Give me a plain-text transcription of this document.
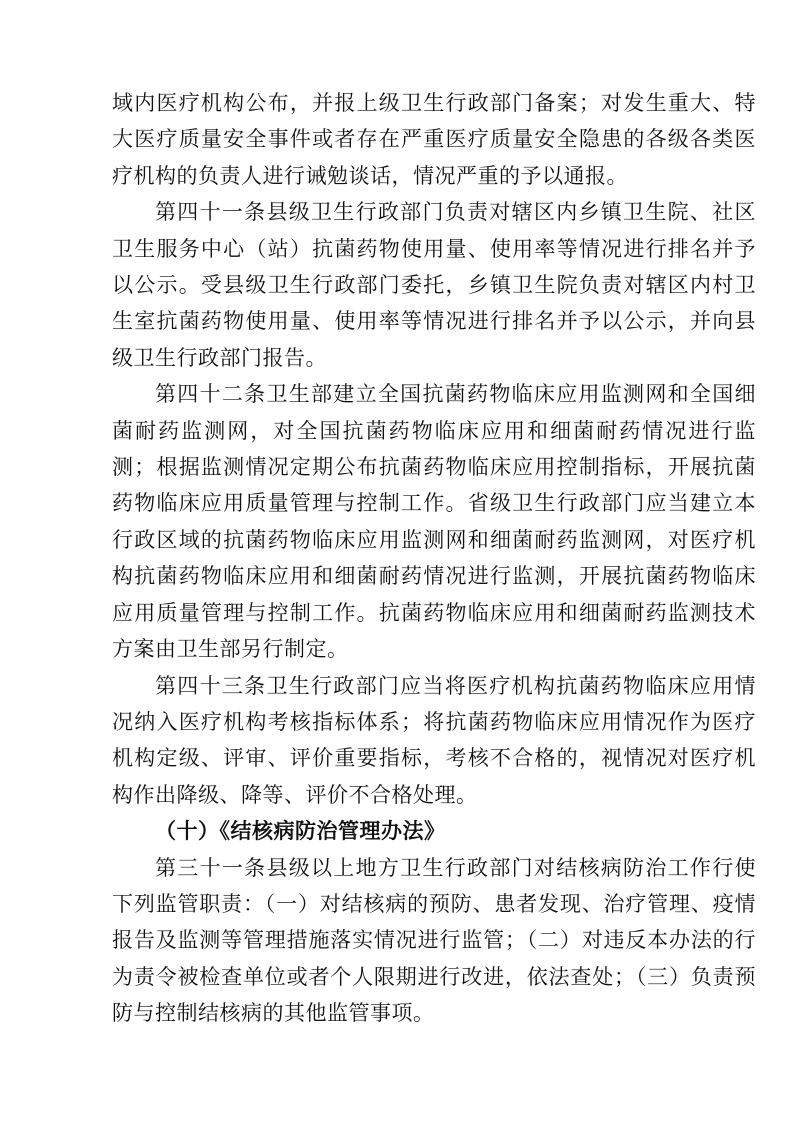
域内医疗机构公布，并报上级卫生行政部门备案；对发生重大、特大医疗质量安全事件或者存在严重医疗质量安全隐患的各级各类医疗机构的负责人进行诫勉谈话，情况严重的予以通报。

第四十一条县级卫生行政部门负责对辖区内乡镇卫生院、社区卫生服务中心（站）抗菌药物使用量、使用率等情况进行排名并予以公示。受县级卫生行政部门委托，乡镇卫生院负责对辖区内村卫生室抗菌药物使用量、使用率等情况进行排名并予以公示，并向县级卫生行政部门报告。

第四十二条卫生部建立全国抗菌药物临床应用监测网和全国细菌耐药监测网，对全国抗菌药物临床应用和细菌耐药情况进行监测；根据监测情况定期公布抗菌药物临床应用控制指标，开展抗菌药物临床应用质量管理与控制工作。省级卫生行政部门应当建立本行政区域的抗菌药物临床应用监测网和细菌耐药监测网，对医疗机构抗菌药物临床应用和细菌耐药情况进行监测，开展抗菌药物临床应用质量管理与控制工作。抗菌药物临床应用和细菌耐药监测技术方案由卫生部另行制定。

第四十三条卫生行政部门应当将医疗机构抗菌药物临床应用情况纳入医疗机构考核指标体系；将抗菌药物临床应用情况作为医疗机构定级、评审、评价重要指标，考核不合格的，视情况对医疗机构作出降级、降等、评价不合格处理。

（十）《结核病防治管理办法》

第三十一条县级以上地方卫生行政部门对结核病防治工作行使下列监管职责：（一）对结核病的预防、患者发现、治疗管理、疫情报告及监测等管理措施落实情况进行监管；（二）对违反本办法的行为责令被检查单位或者个人限期进行改进，依法查处；（三）负责预防与控制结核病的其他监管事项。
